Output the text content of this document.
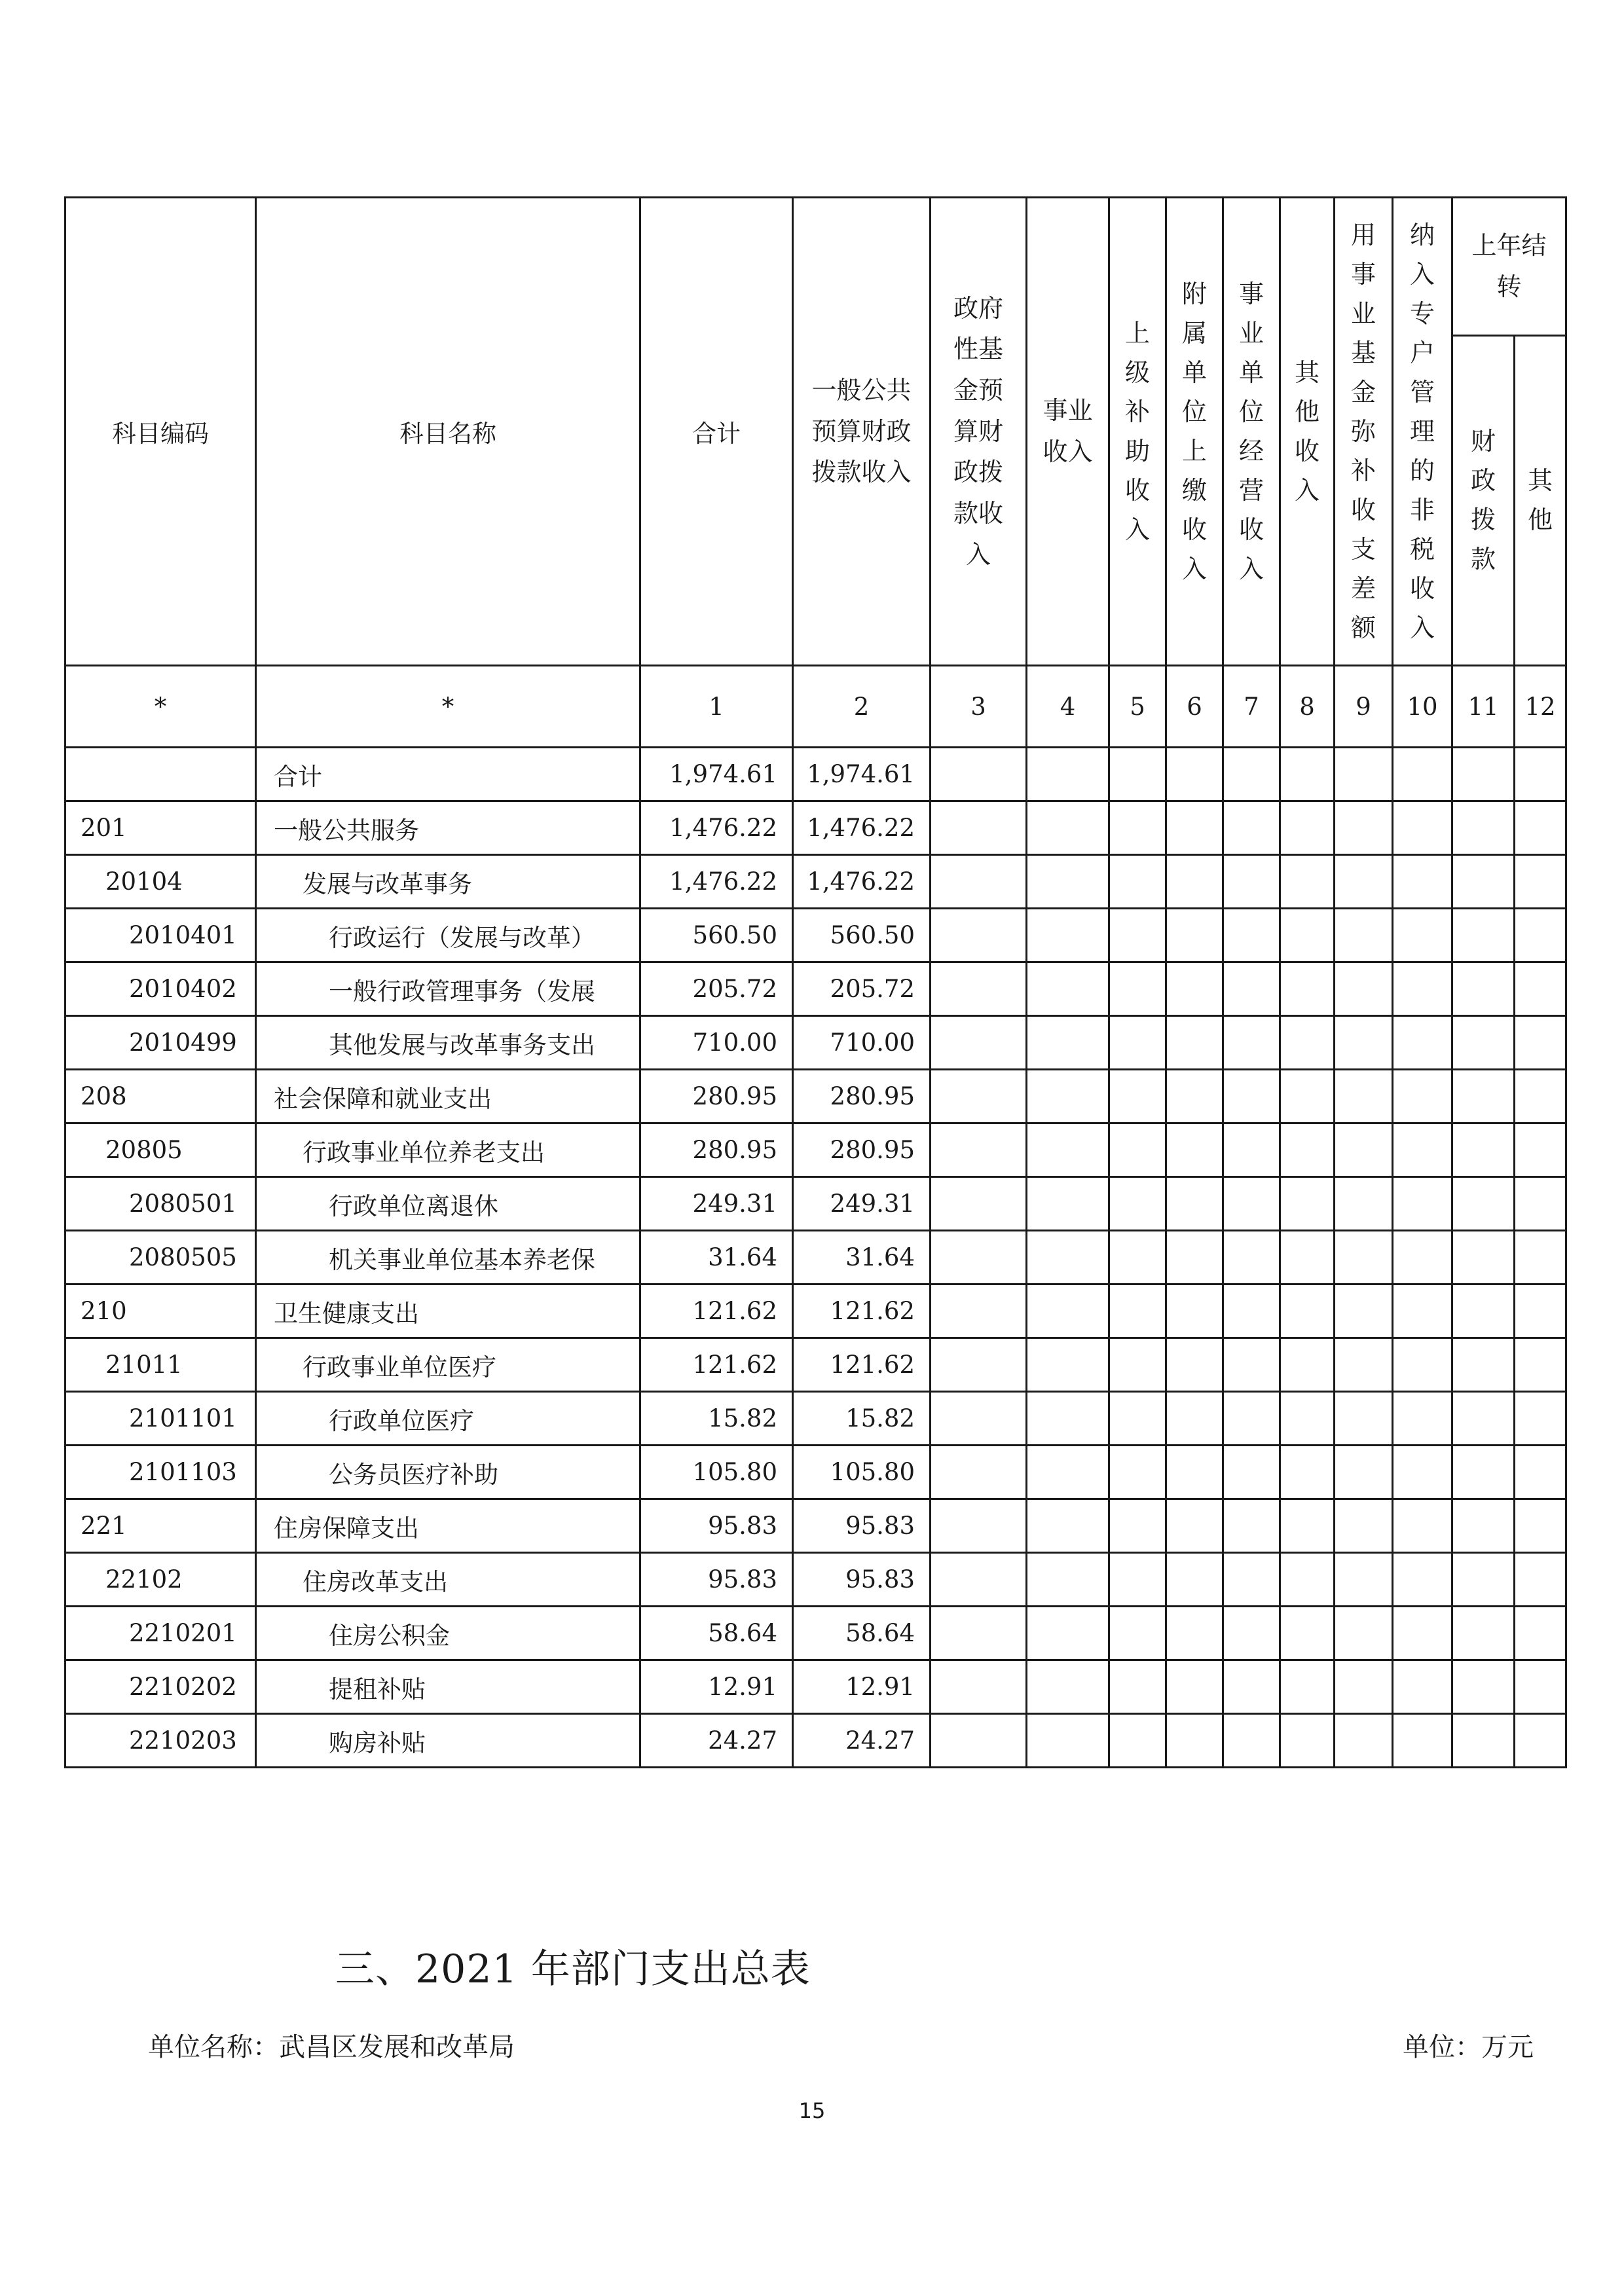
科目编码	科目名称	合计	一般公共预算财政拨款收入	政府性基金预算财政拨款收入	事业收入	上级补助收入	附属单位上缴收入	事业单位经营收入	其他收入	用事业基金弥补收支差额	纳入专户管理的非税收入	上年结转	
												财政拨款	其他
*	*	1	2	3	4	5	6	7	8	9	10	11	12
	合计	1,974.61	1,974.61										
201	一般公共服务	1,476.22	1,476.22										
20104	发展与改革事务	1,476.22	1,476.22										
2010401	行政运行（发展与改革）	560.50	560.50										
2010402	一般行政管理事务（发展	205.72	205.72										
2010499	其他发展与改革事务支出	710.00	710.00										
208	社会保障和就业支出	280.95	280.95										
20805	行政事业单位养老支出	280.95	280.95										
2080501	行政单位离退休	249.31	249.31										
2080505	机关事业单位基本养老保	31.64	31.64										
210	卫生健康支出	121.62	121.62										
21011	行政事业单位医疗	121.62	121.62										
2101101	行政单位医疗	15.82	15.82										
2101103	公务员医疗补助	105.80	105.80										
221	住房保障支出	95.83	95.83										
22102	住房改革支出	95.83	95.83										
2210201	住房公积金	58.64	58.64										
2210202	提租补贴	12.91	12.91										
2210203	购房补贴	24.27	24.27										
三、2021 年部门支出总表
单位名称：武昌区发展和改革局	单位：万元
15
